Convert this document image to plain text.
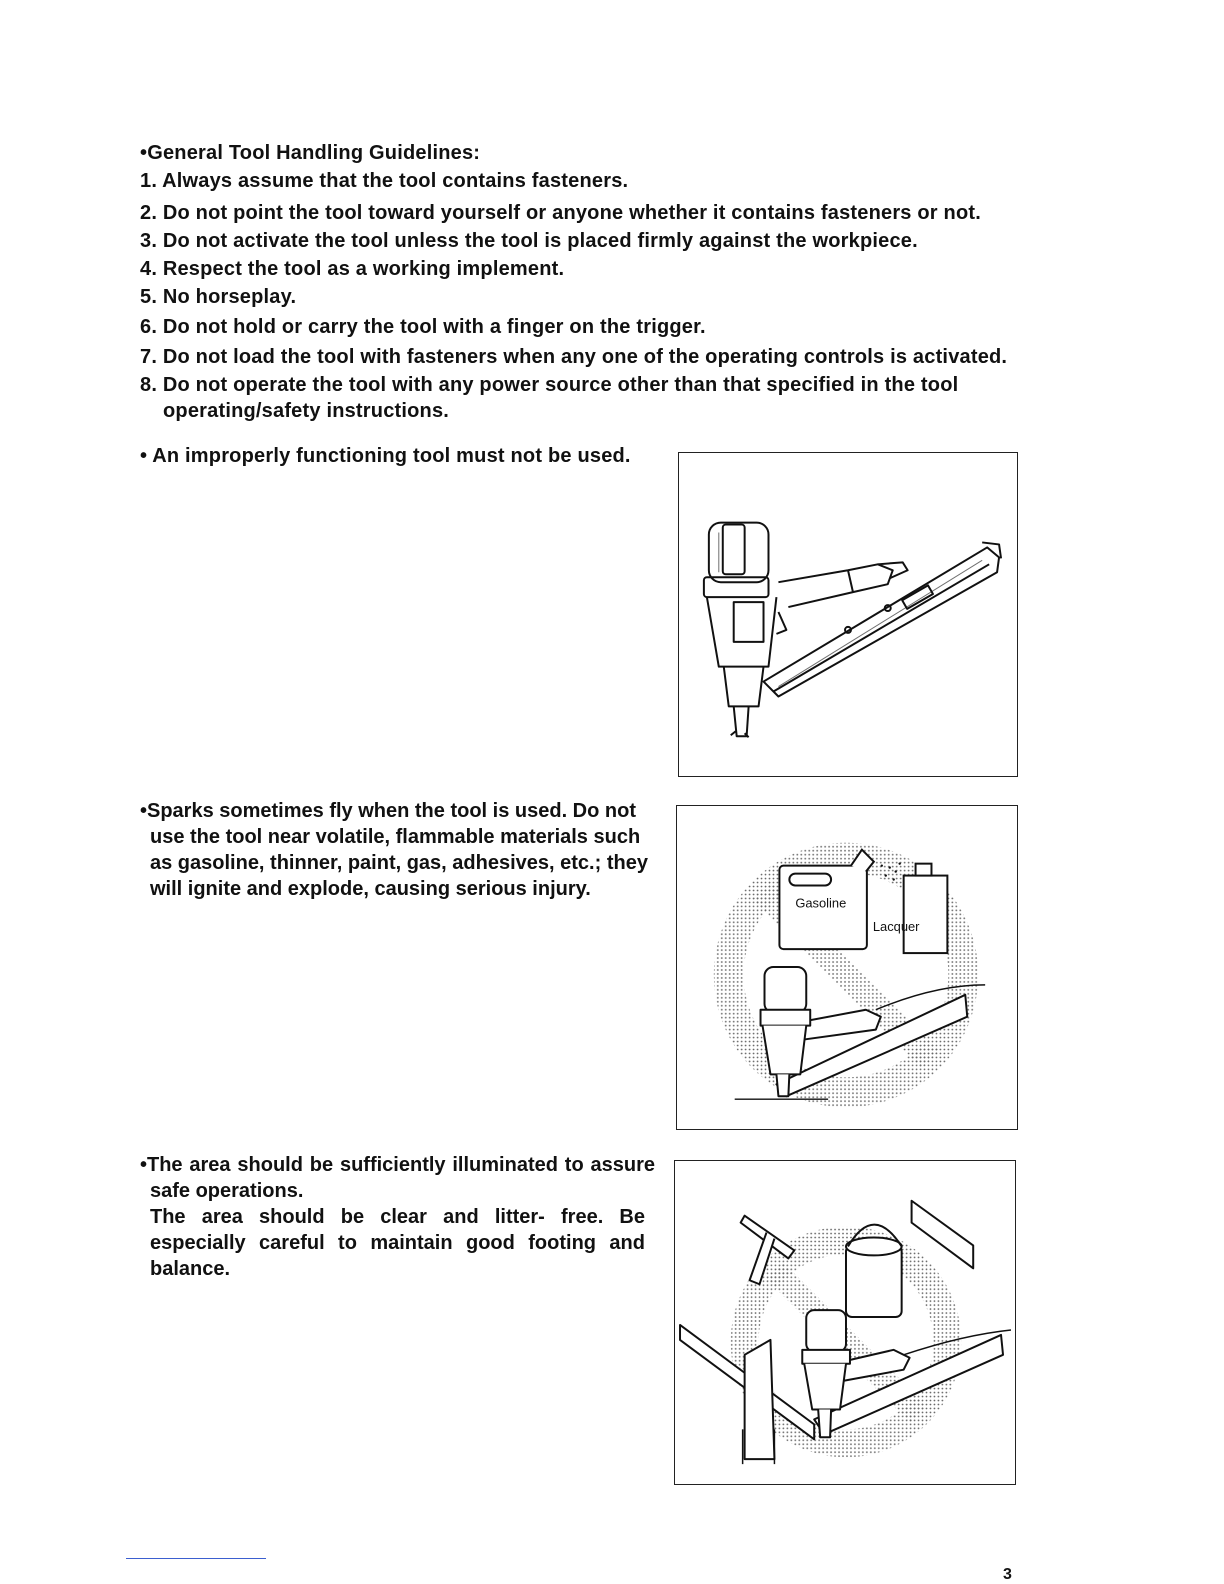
•General Tool Handling Guidelines:
1. Always assume that the tool contains fasteners.
2. Do not point the tool toward yourself or anyone whether it contains fasteners or not.
3. Do not activate the tool unless the tool is placed firmly against the workpiece.
4. Respect the tool as a working implement.
5. No horseplay.
6. Do not hold or carry the tool with a finger on the trigger.
7. Do not load the tool with fasteners when any one of the operating controls is activated.
8. Do not operate the tool with any power source other than that specified in the tool
operating/safety instructions.
• An improperly functioning tool must not be used.
•Sparks sometimes fly when the tool is used. Do not use the tool near volatile, flammable materials such as gasoline, thinner, paint, gas, adhesives, etc.; they will ignite and explode, causing serious injury.
Gasoline
Lacquer
•The area should be sufficiently illuminated to assure safe operations.
The area should be clear and litter- free. Be especially careful to maintain good footing and balance.
3
